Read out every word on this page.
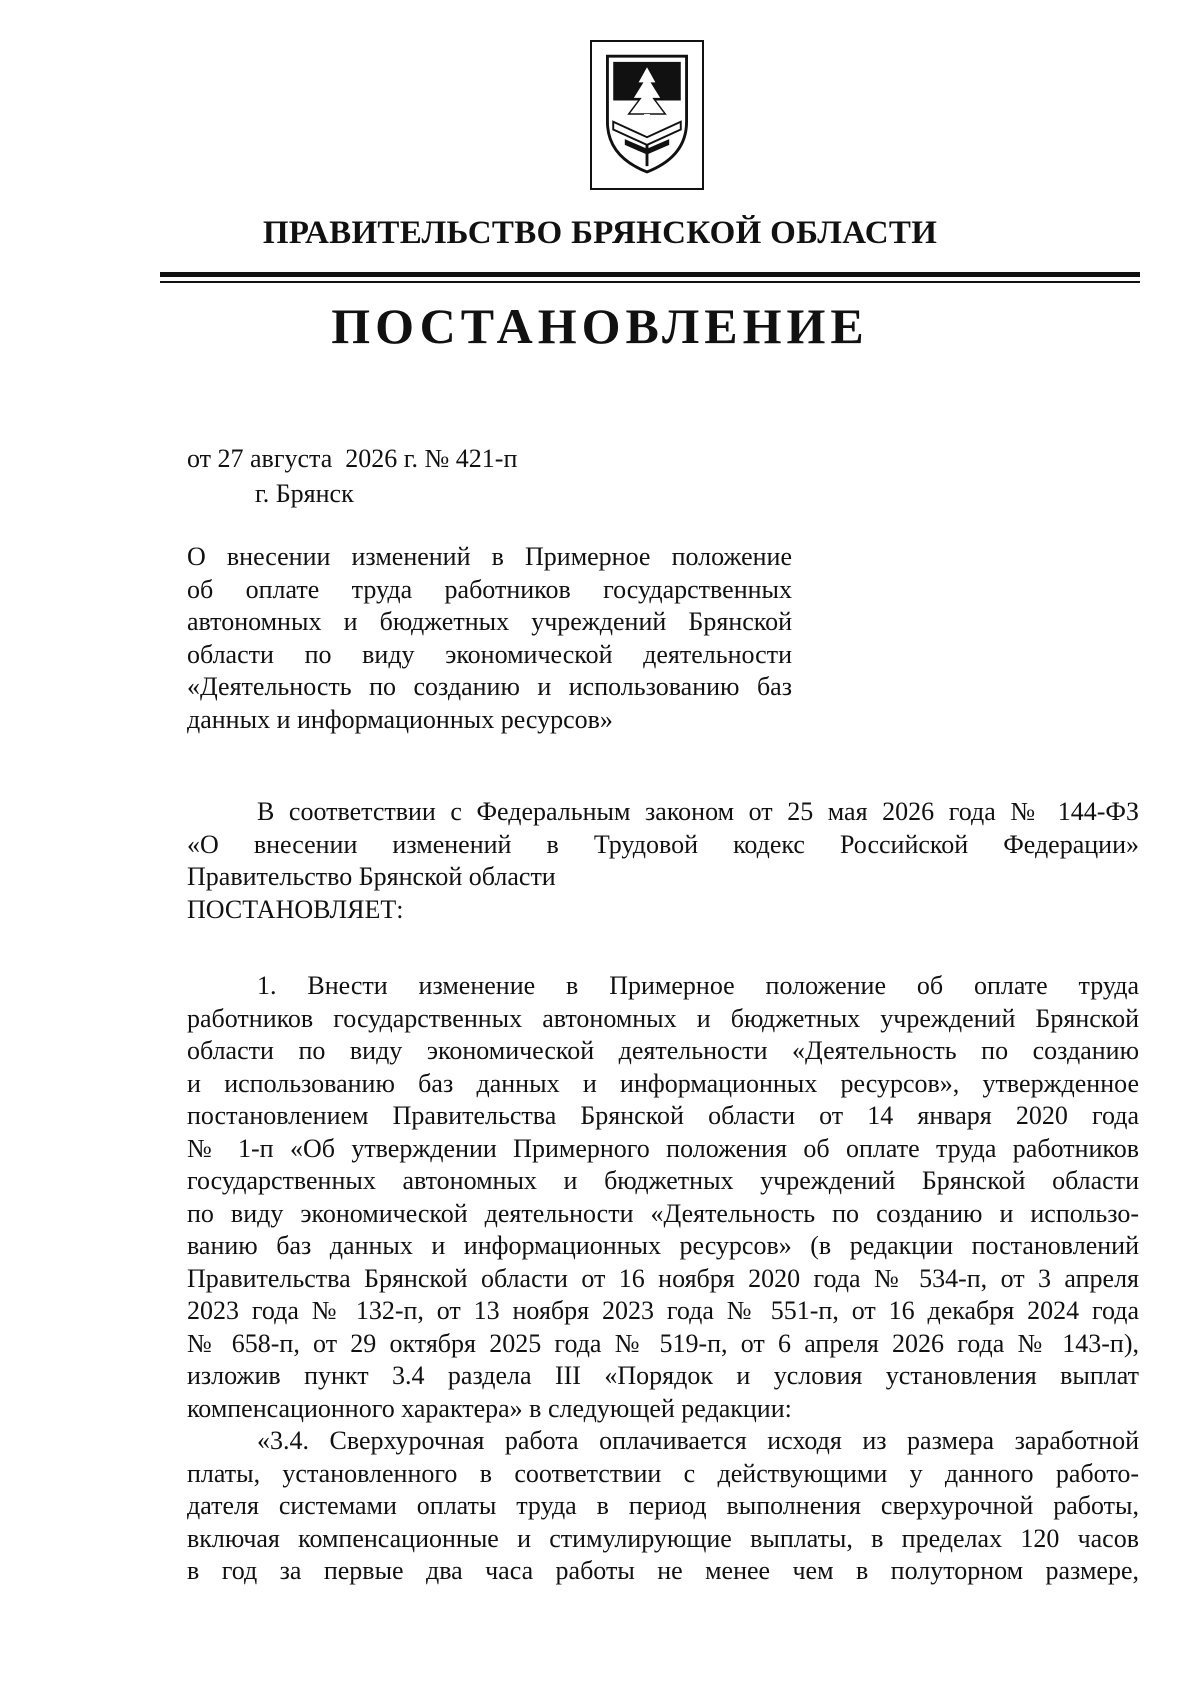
ПРАВИТЕЛЬСТВО БРЯНСКОЙ ОБЛАСТИ
ПОСТАНОВЛЕНИЕ
от 27 августа  2026 г. № 421-п
г. Брянск
О внесении изменений в Примерное положение
об оплате труда работников государственных
автономных и бюджетных учреждений Брянской
области по виду экономической деятельности
«Деятельность по созданию и использованию баз
данных и информационных ресурсов»
В соответствии с Федеральным законом от 25 мая 2026 года № 144-ФЗ
«О внесении изменений в Трудовой кодекс Российской Федерации»
Правительство Брянской области
ПОСТАНОВЛЯЕТ:
1. Внести изменение в Примерное положение об оплате труда
работников государственных автономных и бюджетных учреждений Брянской
области по виду экономической деятельности «Деятельность по созданию
и использованию баз данных и информационных ресурсов», утвержденное
постановлением Правительства Брянской области от 14 января 2020 года
№ 1-п «Об утверждении Примерного положения об оплате труда работников
государственных автономных и бюджетных учреждений Брянской области
по виду экономической деятельности «Деятельность по созданию и использо-
ванию баз данных и информационных ресурсов» (в редакции постановлений
Правительства Брянской области от 16 ноября 2020 года № 534-п, от 3 апреля
2023 года № 132-п, от 13 ноября 2023 года № 551-п, от 16 декабря 2024 года
№ 658-п, от 29 октября 2025 года № 519-п, от 6 апреля 2026 года № 143-п),
изложив пункт 3.4 раздела III «Порядок и условия установления выплат
компенсационного характера» в следующей редакции:
«3.4. Сверхурочная работа оплачивается исходя из размера заработной
платы, установленного в соответствии с действующими у данного работо-
дателя системами оплаты труда в период выполнения сверхурочной работы,
включая компенсационные и стимулирующие выплаты, в пределах 120 часов
в год за первые два часа работы не менее чем в полуторном размере,
